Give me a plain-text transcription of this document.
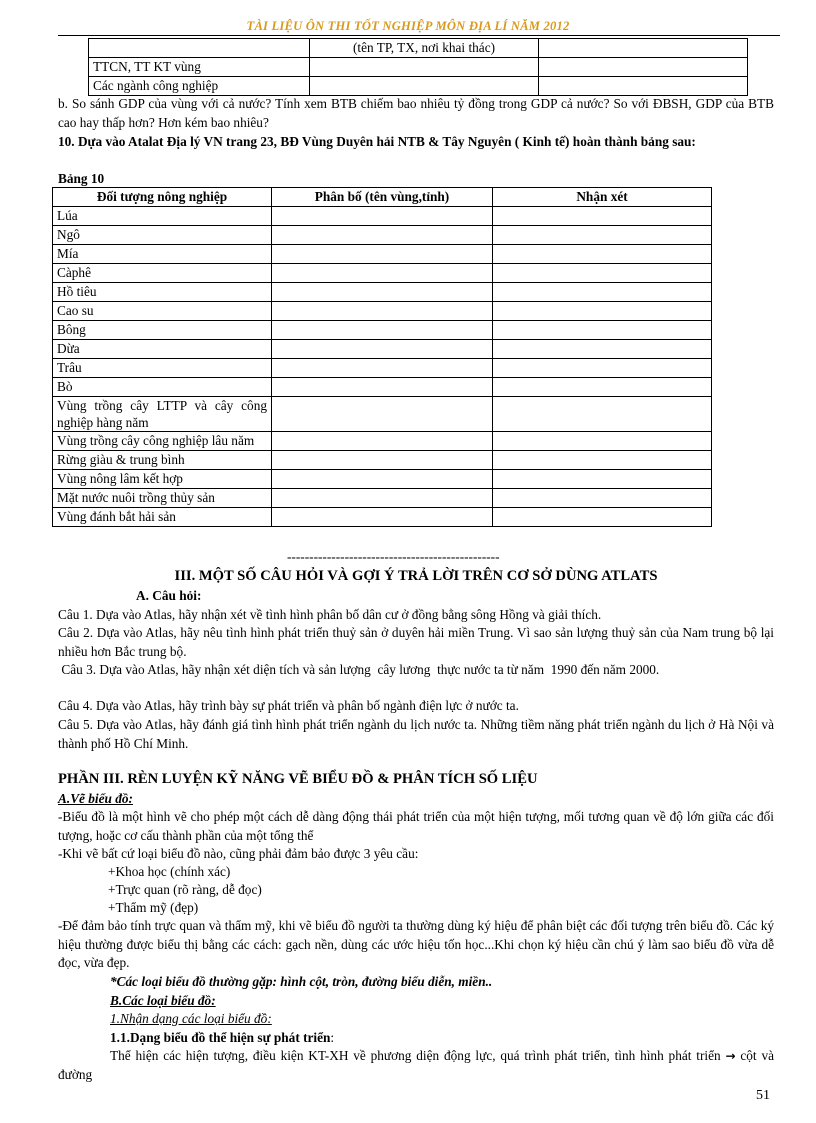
TÀI LIỆU ÔN THI TỐT NGHIỆP MÔN ĐỊA LÍ NĂM 2012
	(tên TP, TX, nơi khai thác)	
TTCN, TT KT vùng		
Các ngành công nghiệp		
b. So sánh GDP của vùng với cả nước? Tính xem BTB chiếm bao nhiêu tỷ đồng trong GDP cả nước? So với ĐBSH, GDP của BTB cao hay thấp hơn? Hơn kém bao nhiêu?
10. Dựa vào Atalat Địa lý VN trang 23, BĐ Vùng Duyên hải NTB & Tây Nguyên ( Kinh tế) hoàn thành bảng sau:
Bảng 10
Đối tượng nông nghiệp	Phân bố (tên vùng,tỉnh)	Nhận xét
Lúa		
Ngô		
Mía		
Càphê		
Hồ tiêu		
Cao su		
Bông		
Dừa		
Trâu		
Bò		
Vùng trồng cây LTTP và cây công nghiệp hàng năm		
Vùng trồng cây công nghiệp lâu năm		
Rừng giàu & trung bình		
Vùng nông lâm kết hợp		
Mặt nước nuôi trồng thủy sản		
Vùng đánh bắt hải sản		
------------------------------------------------
III. MỘT SỐ CÂU HỎI VÀ GỢI Ý TRẢ LỜI TRÊN CƠ SỞ DÙNG ATLATS
A. Câu hỏi:
Câu 1. Dựa vào Atlas, hãy nhận xét về tình hình phân bố dân cư ở đồng bằng sông Hồng và giải thích.
Câu 2. Dựa vào Atlas, hãy nêu tình hình phát triển thuỷ sản ở duyên hải miền Trung. Vì sao sản lượng thuỷ sản của Nam trung bộ lại nhiều hơn Bắc trung bộ.
Câu 3. Dựa vào Atlas, hãy nhận xét diện tích và sản lượng  cây lương  thực nước ta từ năm  1990 đến năm 2000.
Câu 4. Dựa vào Atlas, hãy trình bày sự phát triển và phân bố ngành điện lực ở nước ta.
Câu 5. Dựa vào Atlas, hãy đánh giá tình hình phát triển ngành du lịch nước ta. Những tiềm năng phát triển ngành du lịch ở Hà Nội và thành phố Hồ Chí Minh.
PHẦN III. RÈN LUYỆN KỸ NĂNG VẼ BIỂU ĐỒ & PHÂN TÍCH SỐ LIỆU
A.Vẽ biểu đồ:
-Biểu đồ là một hình vẽ cho phép một cách dễ dàng động thái phát triển của một hiện tượng, mối tương quan về độ lớn giữa các đối tượng, hoặc cơ cấu thành phần của một tổng thể
-Khi vẽ bất cứ loại biểu đồ nào, cũng phải đảm bảo được 3 yêu cầu:
+Khoa học (chính xác)
+Trực quan (rõ ràng, dễ đọc)
+Thẩm mỹ (đẹp)
-Để đảm bảo tính trực quan và thẩm mỹ, khi vẽ biểu đồ người ta thường dùng ký hiệu để phân biệt các đối tượng trên biểu đồ. Các ký hiệu thường được biểu thị bằng các cách: gạch nền, dùng các ước hiệu tốn học...Khi chọn ký hiệu cần chú ý làm sao biểu đồ vừa dễ đọc, vừa đẹp.
*Các loại biểu đồ thường gặp: hình cột, tròn, đường biểu diễn, miền..
B.Các loại biểu đồ:
1.Nhận dạng các loại biểu đồ:
1.1.Dạng biểu đồ thể hiện sự phát triển:
Thể hiện các hiện tượng, điều kiện KT-XH về phương diện động lực, quá trình phát triển, tình hình phát triển → cột và đường
51
